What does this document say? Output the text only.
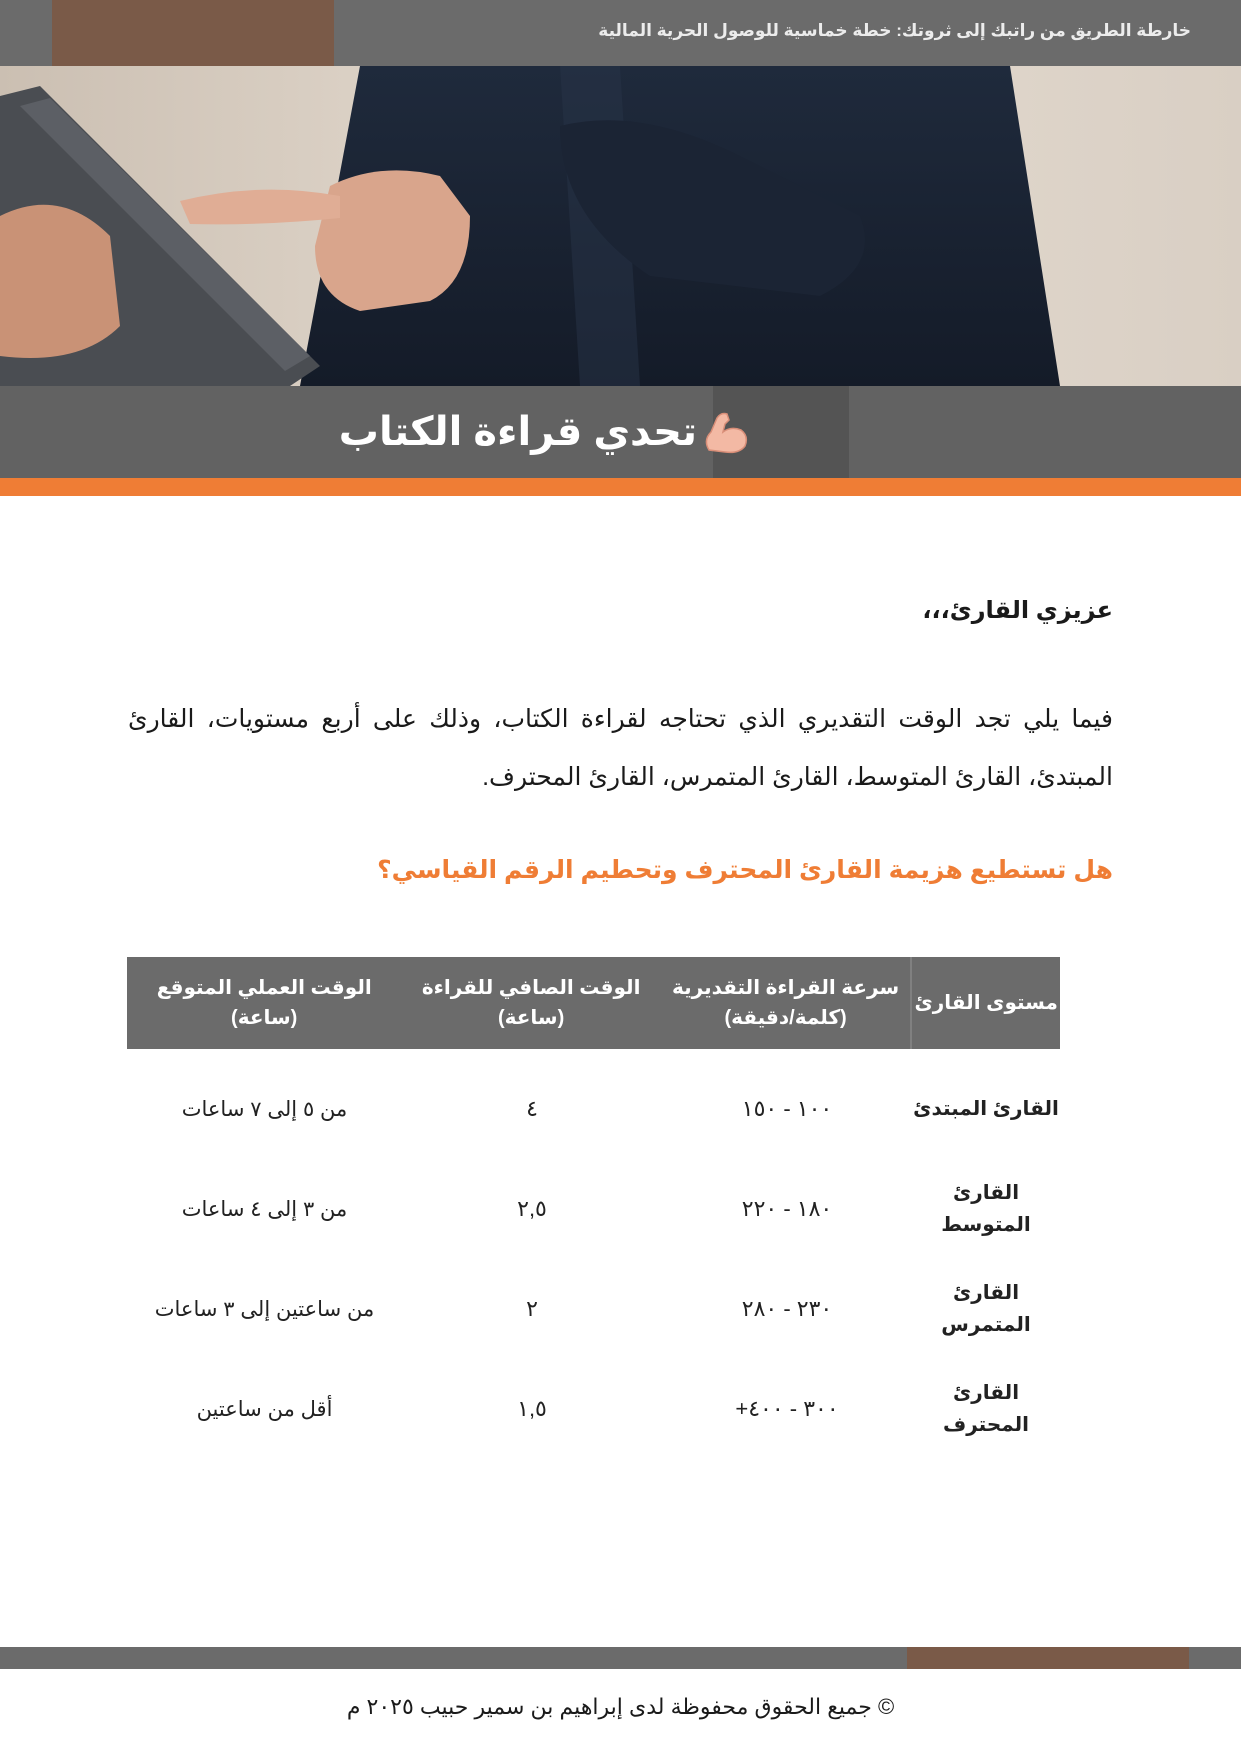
خارطة الطريق من راتبك إلى ثروتك: خطة خماسية للوصول الحرية المالية
تحدي قراءة الكتاب
عزيزي القارئ،،،
فيما يلي تجد الوقت التقديري الذي تحتاجه لقراءة الكتاب، وذلك على أربع مستويات، القارئ المبتدئ، القارئ المتوسط، القارئ المتمرس، القارئ المحترف.
هل تستطيع هزيمة القارئ المحترف وتحطيم الرقم القياسي؟
مستوى القارئ
سرعة القراءة التقديرية (كلمة/دقيقة)
الوقت الصافي للقراءة (ساعة)
الوقت العملي المتوقع (ساعة)
القارئ المبتدئ
١٠٠ - ١٥٠
٤
من ٥ إلى ٧ ساعات
القارئ المتوسط
١٨٠ - ٢٢٠
٢,٥
من ٣ إلى ٤ ساعات
القارئ المتمرس
٢٣٠ - ٢٨٠
٢
من ساعتين إلى ٣ ساعات
القارئ المحترف
٣٠٠ - ٤٠٠+
١,٥
أقل من ساعتين
© جميع الحقوق محفوظة لدى إبراهيم بن سمير حبيب ٢٠٢٥ م
